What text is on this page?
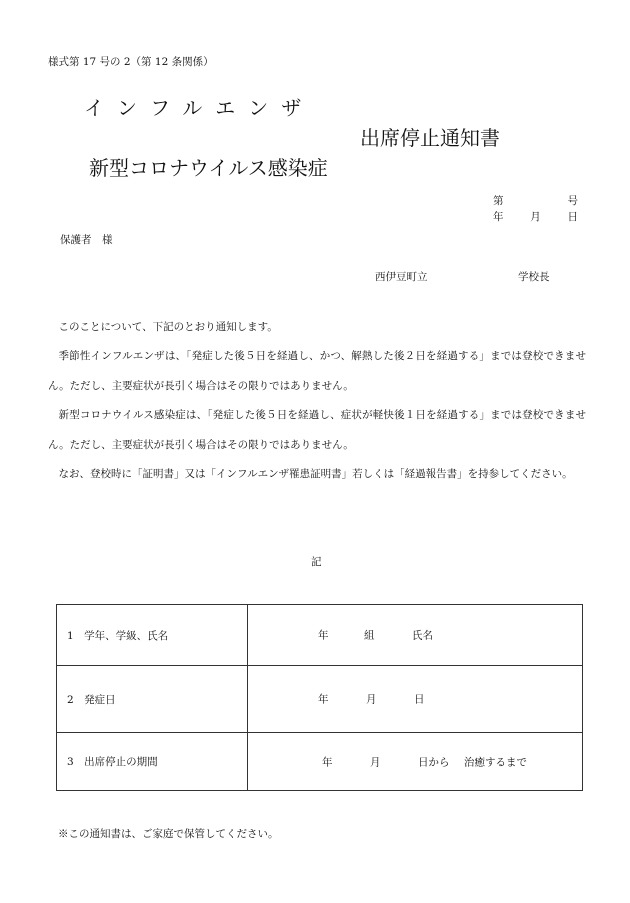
様式第 17 号の 2（第 12 条関係）
インフルエンザ
出席停止通知書
新型コロナウイルス感染症
第	号
年	月	日
保護者　様
西伊豆町立	学校長

このことについて、下記のとおり通知します。

季節性インフルエンザは、「発症した後５日を経過し、かつ、解熱した後２日を経過する」までは登校できません。ただし、主要症状が長引く場合はその限りではありません。

新型コロナウイルス感染症は、「発症した後５日を経過し、症状が軽快後１日を経過する」までは登校できません。ただし、主要症状が長引く場合はその限りではありません。

なお、登校時に「証明書」又は「インフルエンザ罹患証明書」若しくは「経過報告書」を持参してください。

記
1　学年、学級、氏名	年 組 氏名

2　発症日	年 月 日

3　出席停止の期間	年 月 日から 治癒するまで
※この通知書は、ご家庭で保管してください。
